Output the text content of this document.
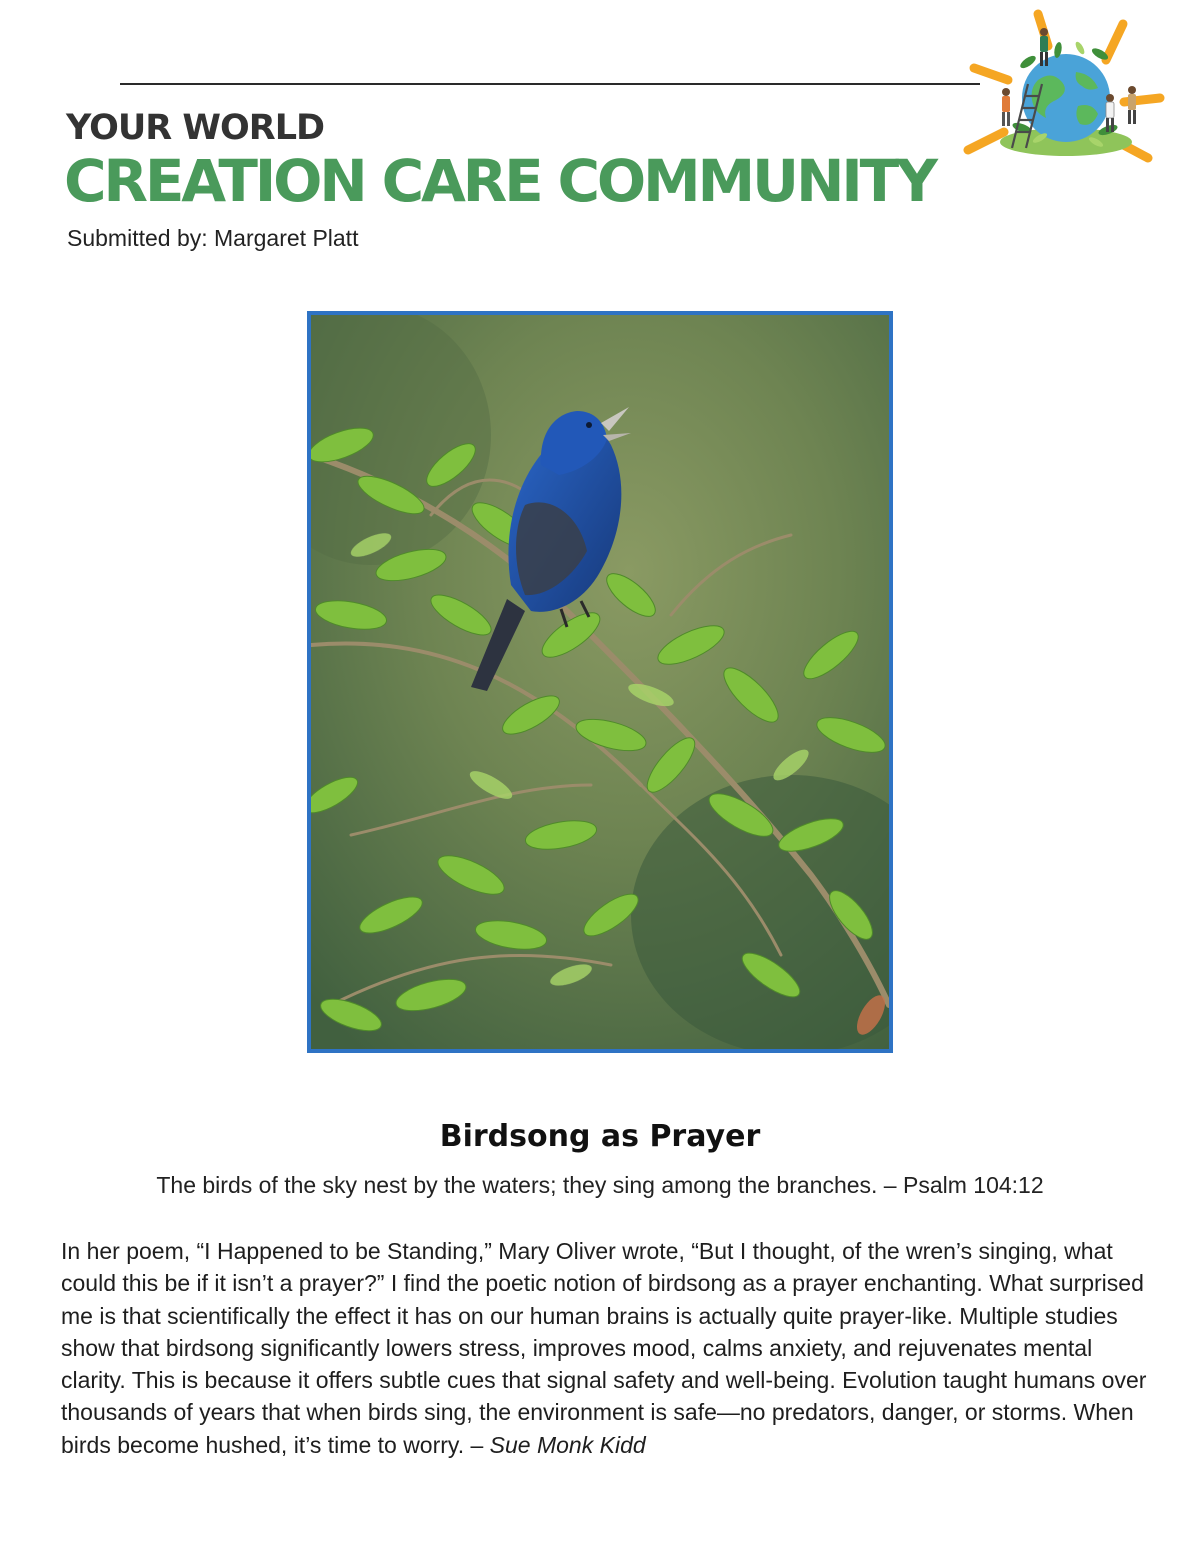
YOUR WORLD
CREATION CARE COMMUNITY
Submitted by: Margaret Platt
Birdsong as Prayer
The birds of the sky nest by the waters; they sing among the branches. – Psalm 104:12
In her poem, “I Happened to be Standing,” Mary Oliver wrote, “But I thought, of the wren’s singing, what could this be if it isn’t a prayer?” I find the poetic notion of birdsong as a prayer enchanting. What surprised me is that scientifically the effect it has on our human brains is actually quite prayer-like. Multiple studies show that birdsong significantly lowers stress, improves mood, calms anxiety, and rejuvenates mental clarity. This is because it offers subtle cues that signal safety and well-being. Evolution taught humans over thousands of years that when birds sing, the environment is safe—no predators, danger, or storms. When birds become hushed, it’s time to worry. – Sue Monk Kidd
